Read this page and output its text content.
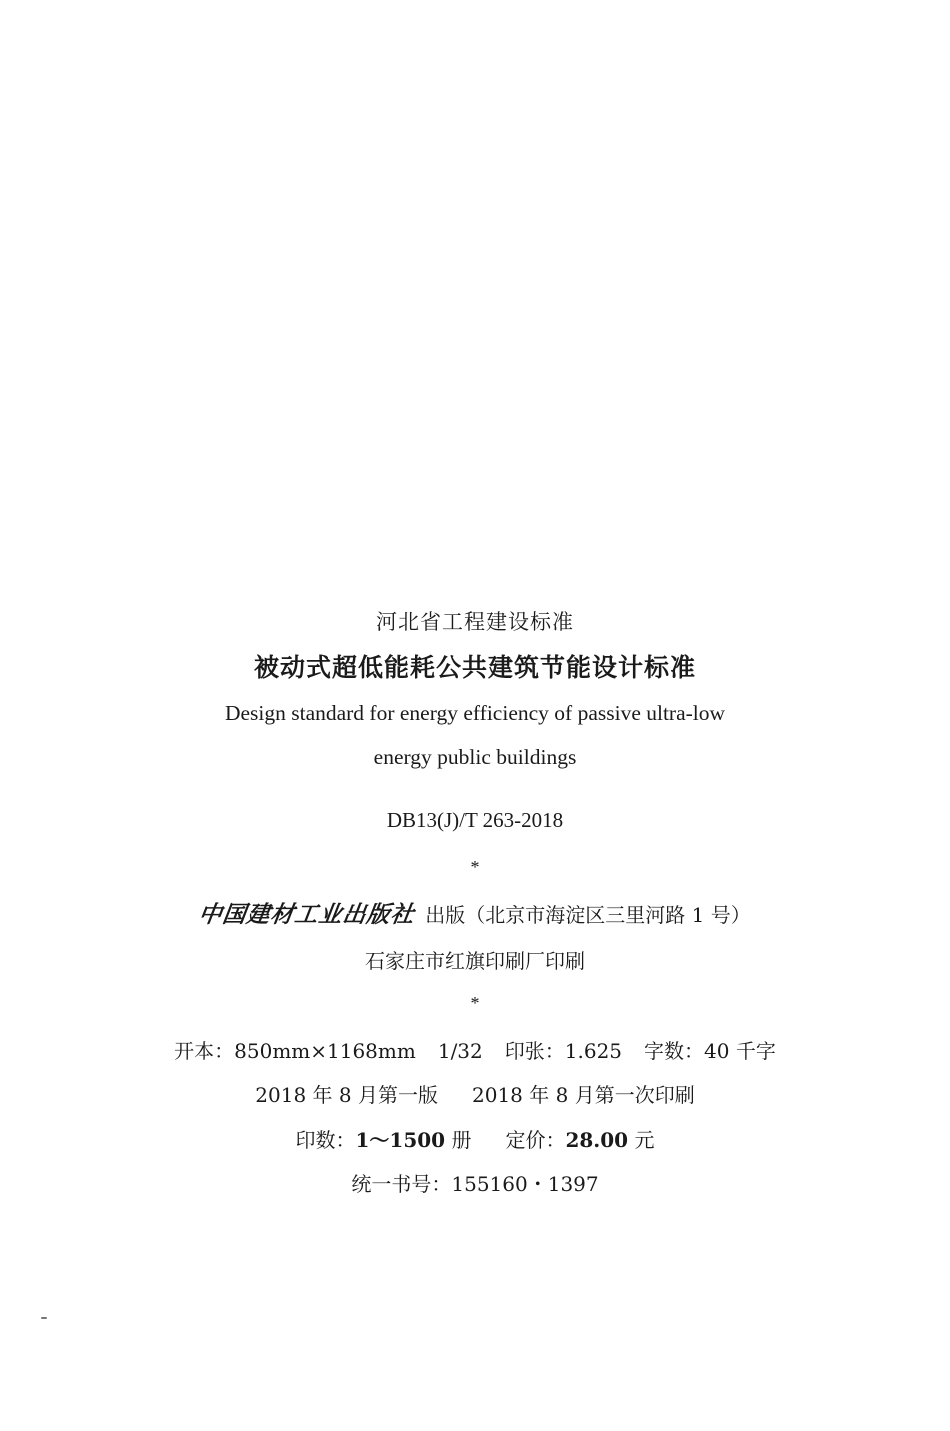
河北省工程建设标准
被动式超低能耗公共建筑节能设计标准
Design standard for energy efficiency of passive ultra-low
energy public buildings
DB13(J)/T 263-2018
*
中国建材工业出版社 出版（北京市海淀区三里河路 1 号）
石家庄市红旗印刷厂印刷
*
开本：850mm×1168mm 1/32 印张：1.625 字数：40 千字
2018 年 8 月第一版 2018 年 8 月第一次印刷
印数：1～1500 册 定价：28.00 元
统一书号：155160・1397
